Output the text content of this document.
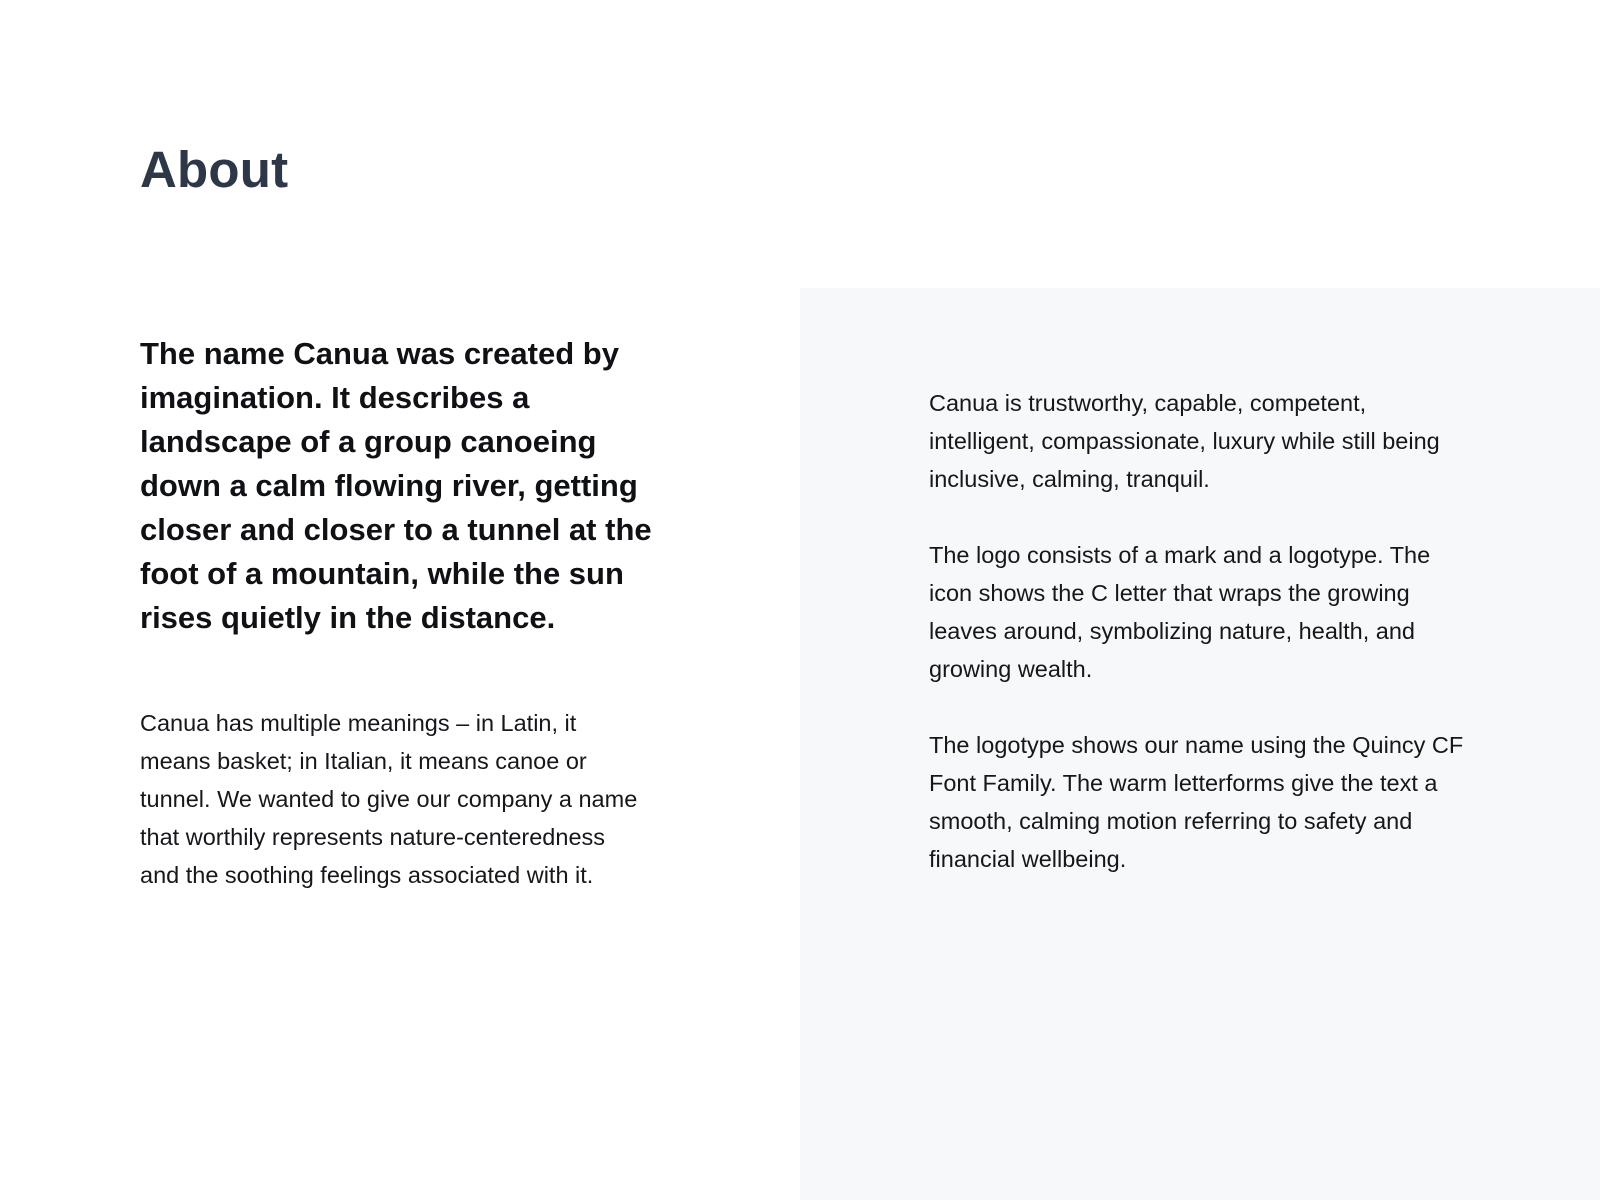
About

The name Canua was created by imagination. It describes a landscape of a group canoeing down a calm flowing river, getting closer and closer to a tunnel at the foot of a mountain, while the sun rises quietly in the distance.

Canua has multiple meanings – in Latin, it means basket; in Italian, it means canoe or tunnel. We wanted to give our company a name that worthily represents nature-centeredness and the soothing feelings associated with it.

Canua is trustworthy, capable, competent, intelligent, compassionate, luxury while still being inclusive, calming, tranquil.

The logo consists of a mark and a logotype. The icon shows the C letter that wraps the growing leaves around, symbolizing nature, health, and growing wealth.

The logotype shows our name using the Quincy CF Font Family. The warm letterforms give the text a smooth, calming motion referring to safety and financial wellbeing.
